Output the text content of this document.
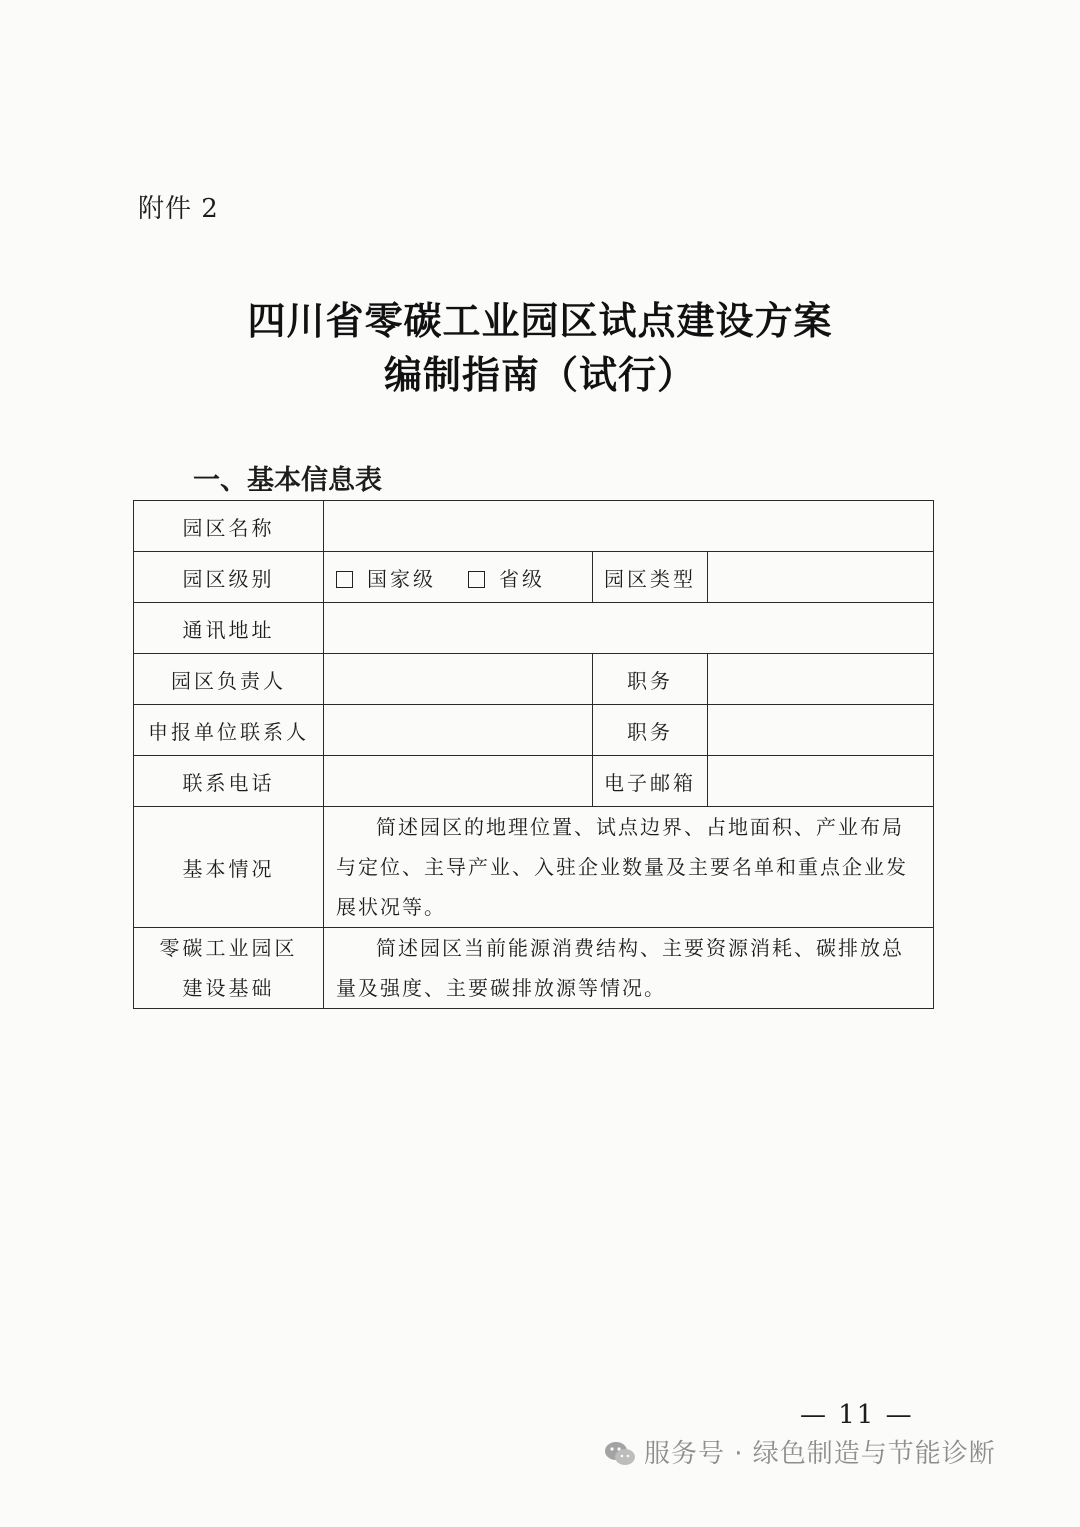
附件 2
四川省零碳工业园区试点建设方案
编制指南（试行）
一、基本信息表
园区名称			
园区级别	国家级 省级	园区类型	
通讯地址			
园区负责人		职务	
申报单位联系人		职务	
联系电话		电子邮箱	
基本情况	简述园区的地理位置、试点边界、占地面积、产业布局与定位、主导产业、入驻企业数量及主要名单和重点企业发展状况等。		

零碳工业园区
建设基础	简述园区当前能源消费结构、主要资源消耗、碳排放总量及强度、主要碳排放源等情况。		

— 11 —
服务号 · 绿色制造与节能诊断
